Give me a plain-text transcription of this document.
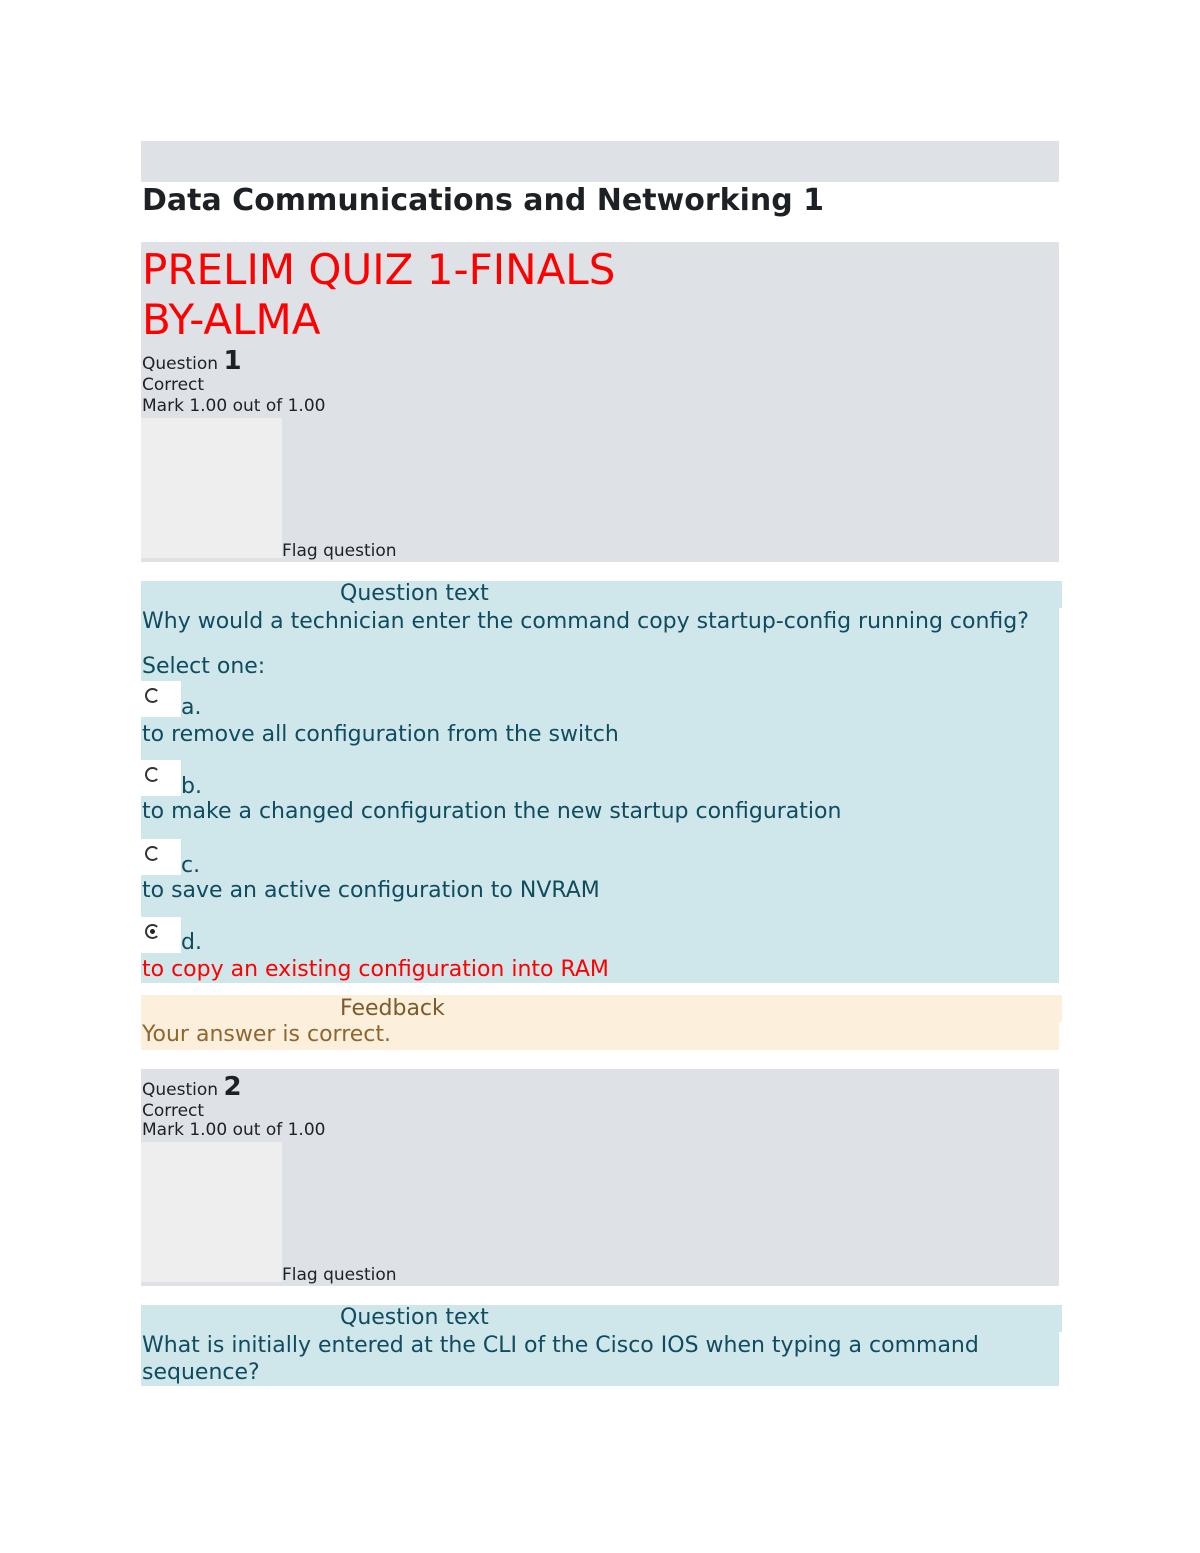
Data Communications and Networking 1
PRELIM QUIZ 1-FINALS
BY-ALMA
Question 1
Correct
Mark 1.00 out of 1.00
Flag question
Question text
Why would a technician enter the command copy startup-config running config?
Select one:
a.
to remove all configuration from the switch
b.
to make a changed configuration the new startup configuration
c.
to save an active configuration to NVRAM
d.
to copy an existing configuration into RAM
Feedback
Your answer is correct.
Question 2
Correct
Mark 1.00 out of 1.00
Flag question
Question text
What is initially entered at the CLI of the Cisco IOS when typing a command
sequence?
